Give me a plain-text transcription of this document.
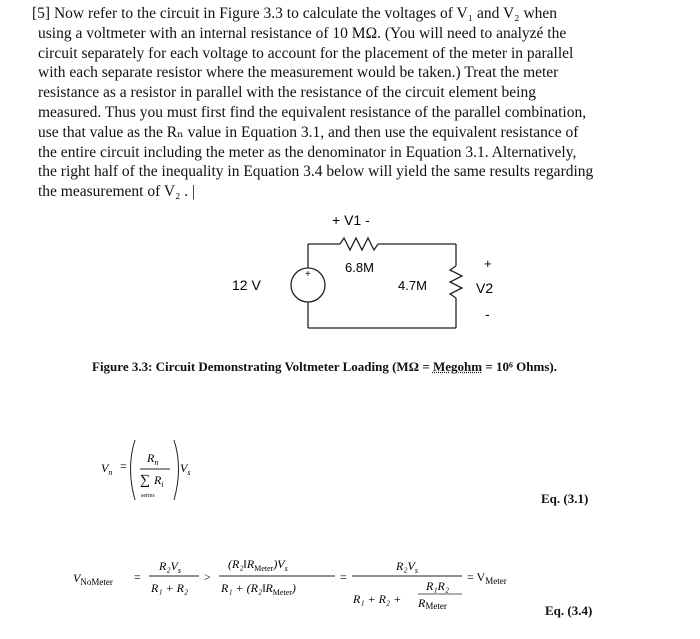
[5] Now refer to the circuit in Figure 3.3 to calculate the voltages of V₁ and V₂ when
using a voltmeter with an internal resistance of 10 MΩ. (You will need to analyzé the
circuit separately for each voltage to account for the placement of the meter in parallel
with each separate resistor where the measurement would be taken.) Treat the meter
resistance as a resistor in parallel with the resistance of the circuit element being
measured. Thus you must first find the equivalent resistance of the parallel combination,
use that value as the Rₙ value in Equation 3.1, and then use the equivalent resistance of
the entire circuit including the meter as the denominator in Equation 3.1. Alternatively,
the right half of the inequality in Equation 3.4 below will yield the same results regarding
the measurement of V₂ . |
+ V1 -
6.8M
12 V
+
4.7M
+
V2
-
Figure 3.3: Circuit Demonstrating Voltmeter Loading (MΩ = Megohm = 10⁶ Ohms).
$V_n$ =
$R_n$
∑ $R_i$
series
$V_s$
Eq. (3.1)
$V_{NoMeter}$ =
$R_2V_s$
R₁ + R₂
>
$(R_2‖R_{Meter})V_s$
$R_1 + (R_2‖R_{Meter})$
=
$R_2V_s$
R₁ + R₂ +
R₁R₂
RMeter
= $V_{Meter}$
Eq. (3.4)
